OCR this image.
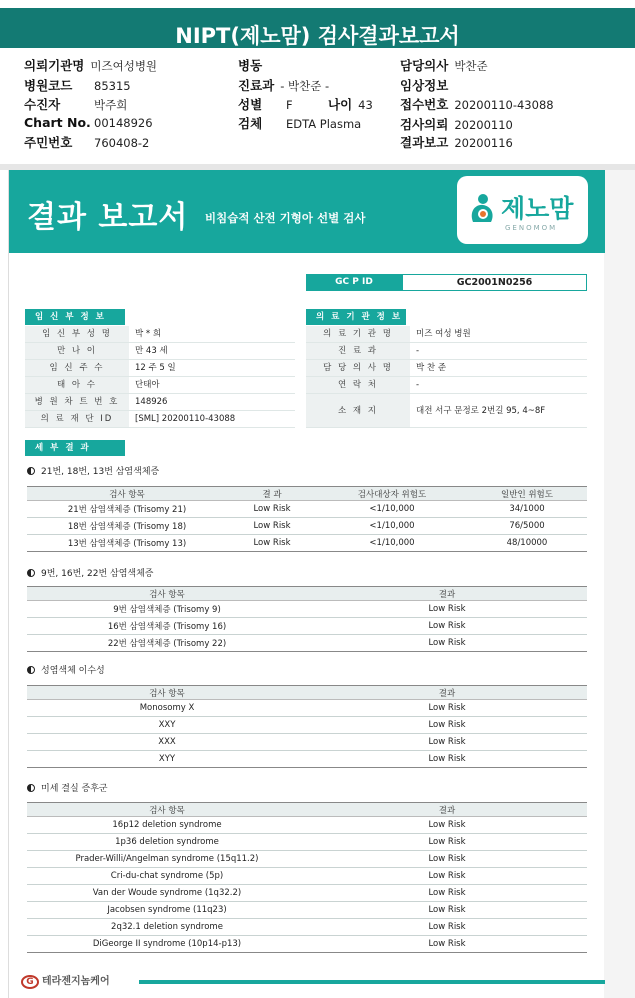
NIPT(제노맘) 검사결과보고서
의뢰기관명 미즈여성병원
병원코드 85315
수진자	박주희
Chart No. 00148926
주민번호 760408-2
병동
진료과 - 박찬준 -
성별 F	나이 43
검체 EDTA Plasma
담당의사 박찬준
임상정보
접수번호 20200110-43088
검사의뢰 20200110
결과보고 20200116
결과 보고서 비침습적 산전 기형아 선별 검사	제노맘
GENOMOM
GC P ID	GC2001N0256
임 신 부 정 보
임 신 부 성 명	박 * 희
만 나 이	만 43 세
임 신 주 수	12 주 5 일
태 아 수	단태아
병 원 차 트 번 호	148926
의 료 재 단 ID	[SML] 20200110-43088
의 료 기 관 정 보
의 료 기 관 명	미즈 여성 병원
진 료 과	-
담 당 의 사 명	박 찬 준
연 락 처	-
소 재 지	대전 서구 문정로 2번길 95, 4~8F
세 부 결 과
21번, 18번, 13번 삼염색체증
검사 항목	결 과	검사대상자 위험도	일반인 위험도
21번 삼염색체증 (Trisomy 21)	Low Risk	<1/10,000	34/1000
18번 삼염색체증 (Trisomy 18)	Low Risk	<1/10,000	76/5000
13번 삼염색체증 (Trisomy 13)	Low Risk	<1/10,000	48/10000
9번, 16번, 22번 삼염색체증
검사 항목	결과
9번 삼염색체증 (Trisomy 9)	Low Risk
16번 삼염색체증 (Trisomy 16)	Low Risk
22번 삼염색체증 (Trisomy 22)	Low Risk
성염색체 이수성
검사 항목	결과
Monosomy X	Low Risk
XXY	Low Risk
XXX	Low Risk
XYY	Low Risk
미세 결실 증후군
검사 항목	결과
16p12 deletion syndrome	Low Risk
1p36 deletion syndrome	Low Risk
Prader-Willi/Angelman syndrome (15q11.2)	Low Risk
Cri-du-chat syndrome (5p)	Low Risk
Van der Woude syndrome (1q32.2)	Low Risk
Jacobsen syndrome (11q23)	Low Risk
2q32.1 deletion syndrome	Low Risk
DiGeorge II syndrome (10p14-p13)	Low Risk
G 테라젠지놈케어
